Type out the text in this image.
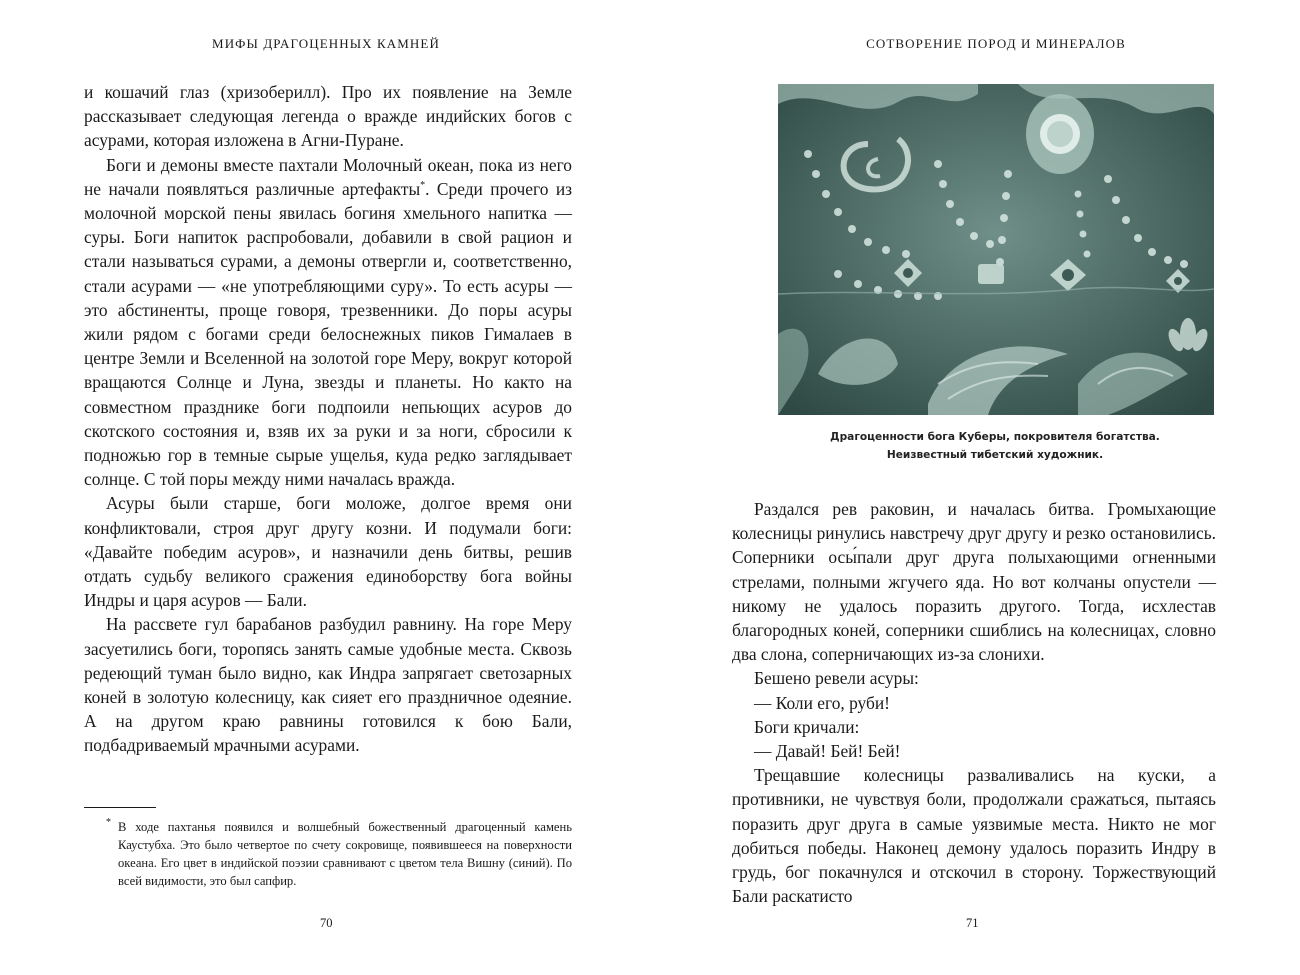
МИФЫ ДРАГОЦЕННЫХ КАМНЕЙ

и кошачий глаз (хризоберилл). Про их появление на Земле рассказывает следующая легенда о вражде индийских богов с асурами, которая изложена в Агни-Пуране.

Боги и демоны вместе пахтали Молочный океан, пока из него не начали появляться различные артефакты*. Среди прочего из молочной морской пены явилась богиня хмельного напитка — суры. Боги напиток распробовали, добавили в свой рацион и стали называться сурами, а демоны отвергли и, соответственно, стали асурами — «не употребляющими суру». То есть асуры — это абстиненты, проще говоря, трезвенники. До поры асуры жили рядом с богами среди белоснежных пиков Гималаев в центре Земли и Вселенной на золотой горе Меру, вокруг которой вращаются Солнце и Луна, звезды и планеты. Но както на совместном празднике боги подпоили непьющих асуров до скотского состояния и, взяв их за руки и за ноги, сбросили к подножью гор в темные сырые ущелья, куда редко заглядывает солнце. С той поры между ними началась вражда.

Асуры были старше, боги моложе, долгое время они конфликтовали, строя друг другу козни. И подумали боги: «Давайте победим асуров», и назначили день битвы, решив отдать судьбу великого сражения единоборству бога войны Индры и царя асуров — Бали.

На рассвете гул барабанов разбудил равнину. На горе Меру засуетились боги, торопясь занять самые удобные места. Сквозь редеющий туман было видно, как Индра запрягает светозарных коней в золотую колесницу, как сияет его праздничное одеяние. А на другом краю равнины готовился к бою Бали, подбадриваемый мрачными асурами.

* В ходе пахтанья появился и волшебный божественный драгоценный камень Каустубха. Это было четвертое по счету сокровище, появившееся на поверхности океана. Его цвет в индийской поэзии сравнивают с цветом тела Вишну (синий). По всей видимости, это был сапфир.
70
СОТВОРЕНИЕ ПОРОД И МИНЕРАЛОВ
Драгоценности бога Куберы, покровителя богатства.
Неизвестный тибетский художник.

Раздался рев раковин, и началась битва. Громыхающие колесницы ринулись навстречу друг другу и резко остановились. Соперники осы́пали друг друга полыхающими огненными стрелами, полными жгучего яда. Но вот колчаны опустели — никому не удалось поразить другого. Тогда, исхлестав благородных коней, соперники сшиблись на колесницах, словно два слона, соперничающих из-за слонихи.

Бешено ревели асуры:

— Коли его, руби!

Боги кричали:

— Давай! Бей! Бей!

Трещавшие колесницы разваливались на куски, а противники, не чувствуя боли, продолжали сражаться, пытаясь поразить друг друга в самые уязвимые места. Никто не мог добиться победы. Наконец демону удалось поразить Индру в грудь, бог покачнулся и отскочил в сторону. Торжествующий Бали раскатисто

71
